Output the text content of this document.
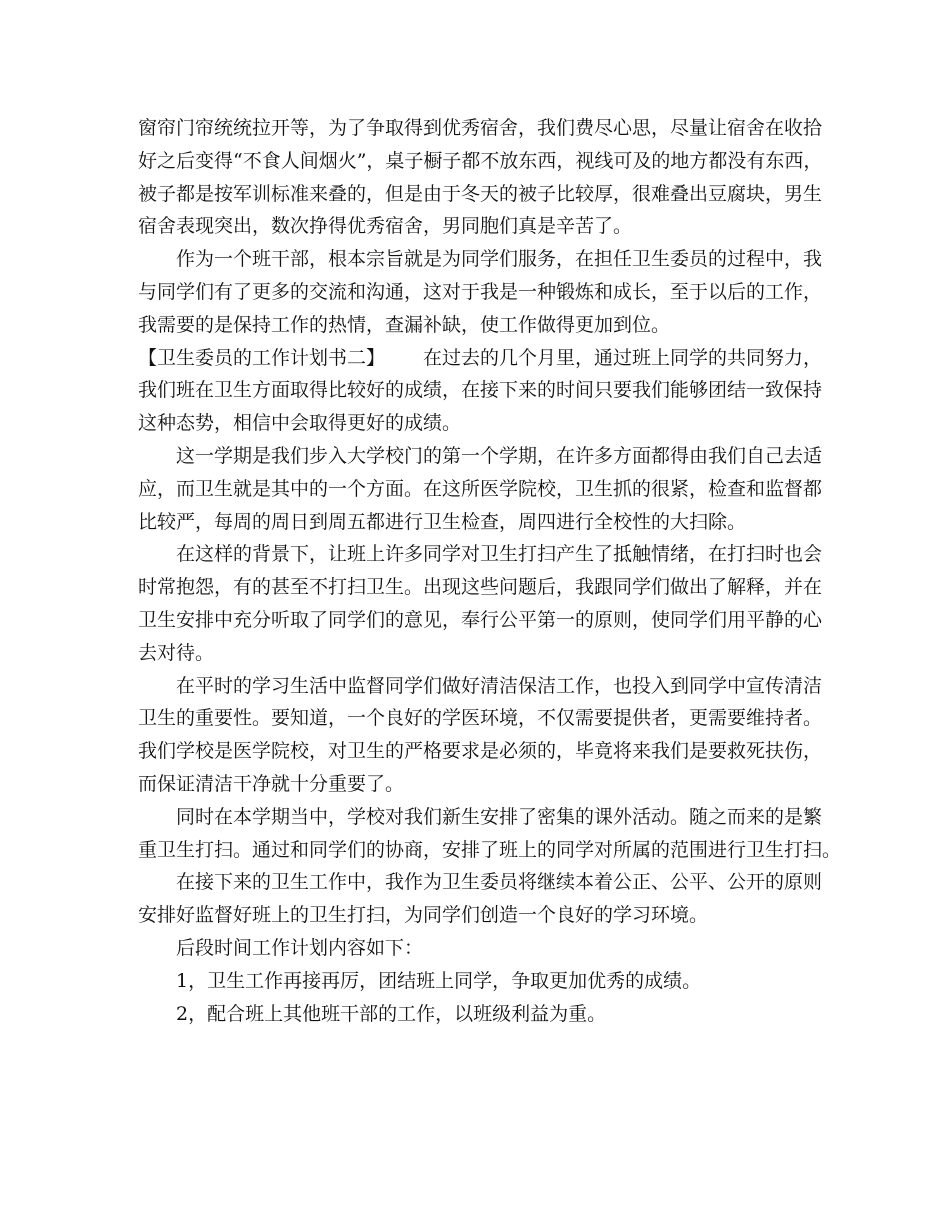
窗帘门帘统统拉开等，为了争取得到优秀宿舍，我们费尽心思，尽量让宿舍在收拾
好之后变得“不食人间烟火”，桌子橱子都不放东西，视线可及的地方都没有东西，
被子都是按军训标准来叠的，但是由于冬天的被子比较厚，很难叠出豆腐块，男生
宿舍表现突出，数次挣得优秀宿舍，男同胞们真是辛苦了。
作为一个班干部，根本宗旨就是为同学们服务，在担任卫生委员的过程中，我
与同学们有了更多的交流和沟通，这对于我是一种锻炼和成长，至于以后的工作，
我需要的是保持工作的热情，查漏补缺，使工作做得更加到位。
【卫生委员的工作计划书二】 在过去的几个月里，通过班上同学的共同努力，
我们班在卫生方面取得比较好的成绩，在接下来的时间只要我们能够团结一致保持
这种态势，相信中会取得更好的成绩。
这一学期是我们步入大学校门的第一个学期，在许多方面都得由我们自己去适
应，而卫生就是其中的一个方面。在这所医学院校，卫生抓的很紧，检查和监督都
比较严，每周的周日到周五都进行卫生检查，周四进行全校性的大扫除。
在这样的背景下，让班上许多同学对卫生打扫产生了抵触情绪，在打扫时也会
时常抱怨，有的甚至不打扫卫生。出现这些问题后，我跟同学们做出了解释，并在
卫生安排中充分听取了同学们的意见，奉行公平第一的原则，使同学们用平静的心
去对待。
在平时的学习生活中监督同学们做好清洁保洁工作，也投入到同学中宣传清洁
卫生的重要性。要知道，一个良好的学医环境，不仅需要提供者，更需要维持者。
我们学校是医学院校，对卫生的严格要求是必须的，毕竟将来我们是要救死扶伤，
而保证清洁干净就十分重要了。
同时在本学期当中，学校对我们新生安排了密集的课外活动。随之而来的是繁
重卫生打扫。通过和同学们的协商，安排了班上的同学对所属的范围进行卫生打扫。
在接下来的卫生工作中，我作为卫生委员将继续本着公正、公平、公开的原则
安排好监督好班上的卫生打扫，为同学们创造一个良好的学习环境。
后段时间工作计划内容如下：
1，卫生工作再接再厉，团结班上同学，争取更加优秀的成绩。
2，配合班上其他班干部的工作，以班级利益为重。
